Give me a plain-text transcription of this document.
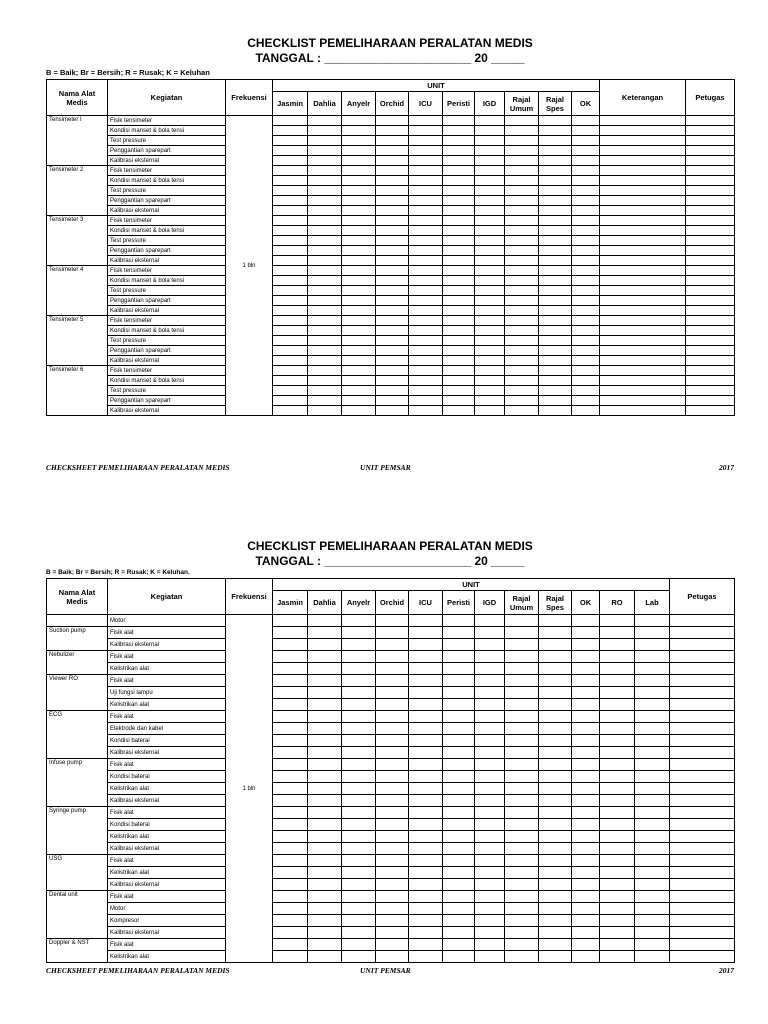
CHECKLIST PEMELIHARAAN PERALATAN MEDIS
TANGGAL : ______________________ 20 _____
B = Baik; Br = Bersih; R = Rusak; K = Keluhan
Nama Alat Medis	Kegiatan	Frekuensi	UNIT										Keterangan	Petugas
			Jasmin	Dahlia	Anyelr	Orchid	ICU	Peristi	IGD	Rajal Umum	Rajal Spes	OK		
Tensimeter I	Fisik tensimeter	1 bln												
	Kondisi manset & bola tensi													
	Test pressure													
	Penggantian sparepart													
	Kalibrasi eksternal													
Tensimeter 2	Fisik tensimeter													
	Kondisi manset & bola tensi													
	Test pressure													
	Penggantian sparepart													
	Kalibrasi eksternal													
Tensimeter 3	Fisik tensimeter													
	Kondisi manset & bola tensi													
	Test pressure													
	Penggantian sparepart													
	Kalibrasi eksternal													
Tensimeter 4	Fisik tensimeter													
	Kondisi manset & bola tensi													
	Test pressure													
	Penggantian sparepart													
	Kalibrasi eksternal													
Tensimeter 5	Fisik tensimeter													
	Kondisi manset & bola tensi													
	Test pressure													
	Penggantian sparepart													
	Kalibrasi eksternal													
Tensimeter 6	Fisik tensimeter													
	Kondisi manset & bola tensi													
	Test pressure													
	Penggantian sparepart													
	Kalibrasi eksternal													
CHECKSHEET PEMELIHARAAN PERALATAN MEDIS	UNIT PEMSAR	2017
CHECKLIST PEMELIHARAAN PERALATAN MEDIS
TANGGAL : ______________________ 20 _____
B = Baik; Br = Bersih; R = Rusak; K = Keluhan.
Nama Alat Medis	Kegiatan	Frekuensi	UNIT												Petugas
			Jasmin	Dahlia	Anyelr	Orchid	ICU	Peristi	IGD	Rajal Umum	Rajal Spes	OK	RO	Lab	
	Motor	1 bln													
Suction pump	Fisik alat														
	Kalibrasi eksternal														
Nebulizer	Fisik alat														
	Kelistrikan alat														
Viewer RO	Fisik alat														
	Uji fungsi lampu														
	Kelistrikan alat														
ECG	Fisik alat														
	Elektrode dan kabel														
	Kondisi baterai														
	Kalibrasi eksternal														
Infuse pump	Fisik alat														
	Kondisi baterai														
	Kelistrikan alat														
	Kalibrasi eksternal														
Syringe pump	Fisik alat														
	Kondisi baterai														
	Kelistrikan alat														
	Kalibrasi eksternal														
USG	Fisik alat														
	Kelistrikan alat														
	Kalibrasi eksternal														
Dental unit	Fisik alat														
	Motor														
	Kompresor														
	Kalibrasi eksternal														
Doppler & NST	Fisik alat														
	Kelistrikan alat														
CHECKSHEET PEMELIHARAAN PERALATAN MEDIS	UNIT PEMSAR	2017
